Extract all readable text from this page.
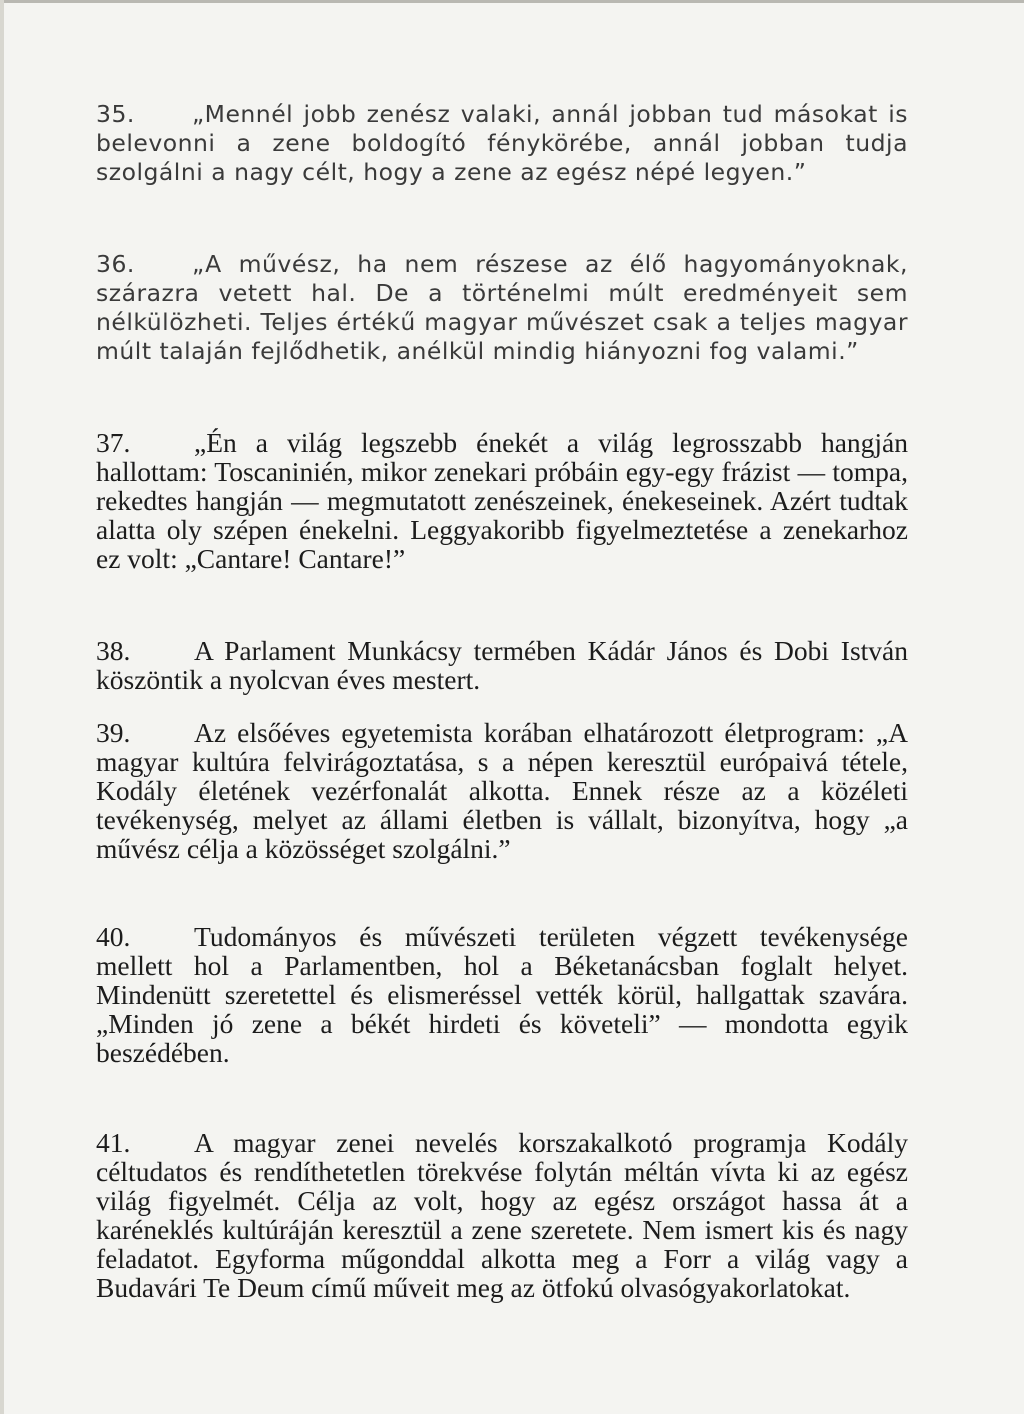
35. „Mennél jobb zenész valaki, annál jobban tud másokat is belevonni a zene boldogító fénykörébe, annál jobban tudja szolgálni a nagy célt, hogy a zene az egész népé legyen.”

36. „A művész, ha nem részese az élő hagyományoknak, szárazra vetett hal. De a történelmi múlt eredményeit sem nélkülözheti. Teljes értékű magyar művészet csak a teljes magyar múlt talaján fejlődhetik, anélkül mindig hiányozni fog valami.”

37. „Én a világ legszebb énekét a világ legrosszabb hangján hallottam: Toscaninién, mikor zenekari próbáin egy-egy frázist — tompa, rekedtes hangján — megmutatott zenészeinek, énekeseinek. Azért tudtak alatta oly szépen énekelni. Leggyakoribb figyelmeztetése a zenekarhoz ez volt: „Cantare! Cantare!”

38. A Parlament Munkácsy termében Kádár János és Dobi István köszöntik a nyolcvan éves mestert.

39. Az elsőéves egyetemista korában elhatározott életprogram: „A magyar kultúra felvirágoztatása, s a népen keresztül európaivá tétele, Kodály életének vezérfonalát alkotta. Ennek része az a közéleti tevékenység, melyet az állami életben is vállalt, bizonyítva, hogy „a művész célja a közösséget szolgálni.”

40. Tudományos és művészeti területen végzett tevékenysége mellett hol a Parlamentben, hol a Béketanácsban foglalt helyet. Mindenütt szeretettel és elismeréssel vették körül, hallgattak szavára. „Minden jó zene a békét hirdeti és követeli” — mondotta egyik beszédében.

41. A magyar zenei nevelés korszakalkotó programja Kodály céltudatos és rendíthetetlen törekvése folytán méltán vívta ki az egész világ figyelmét. Célja az volt, hogy az egész országot hassa át a karéneklés kultúráján keresztül a zene szeretete. Nem ismert kis és nagy feladatot. Egyforma műgonddal alkotta meg a Forr a világ vagy a Budavári Te Deum című műveit meg az ötfokú olvasógyakorlatokat.
